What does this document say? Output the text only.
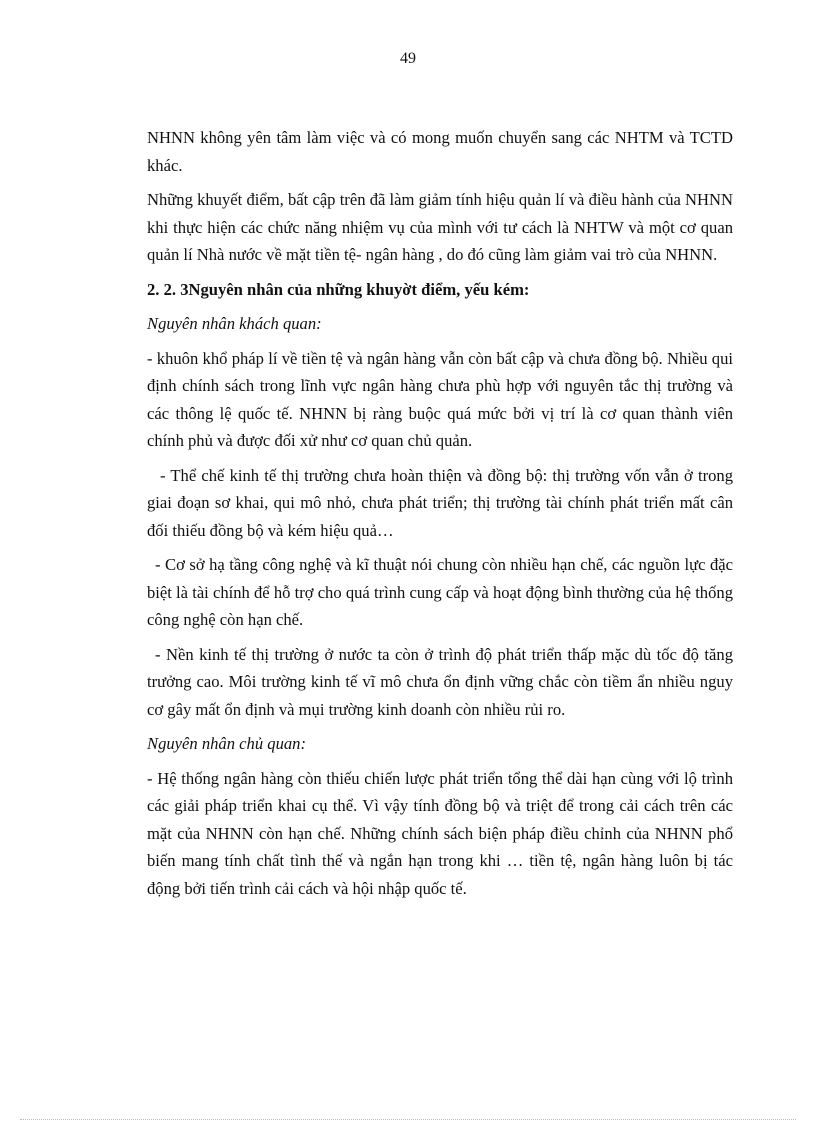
49

NHNN không yên tâm làm việc và có mong muốn chuyển sang các NHTM và TCTD khác.

Những khuyết điểm, bất cập trên đã làm giảm tính hiệu quản lí và điều hành của NHNN khi thực hiện các chức năng nhiệm vụ của mình với tư cách là NHTW và một cơ quan quản lí Nhà nước về mặt tiền tệ- ngân hàng , do đó cũng làm giảm vai trò của NHNN.

2. 2. 3Nguyên nhân của những khuyờt điểm, yếu kém:

Nguyên nhân khách quan:

- khuôn khổ pháp lí về tiền tệ và ngân hàng vẫn còn bất cập và chưa đồng bộ. Nhiều qui định chính sách trong lĩnh vực ngân hàng chưa phù hợp với nguyên tắc thị trường và các thông lệ quốc tế. NHNN bị ràng buộc quá mức bởi vị trí là cơ quan thành viên chính phủ và được đối xử như cơ quan chủ quản.

- Thể chế kinh tế thị trường chưa hoàn thiện và đồng bộ: thị trường vốn vẫn ở trong giai đoạn sơ khai, qui mô nhỏ, chưa phát triển; thị trường tài chính phát triển mất cân đối thiếu đồng bộ và kém hiệu quả…

- Cơ sở hạ tầng công nghệ và kĩ thuật nói chung còn nhiều hạn chế, các nguồn lực đặc biệt là tài chính để hỗ trợ cho quá trình cung cấp và hoạt động bình thường của hệ thống công nghệ còn hạn chế.

- Nền kinh tế thị trường ở nước ta còn ở trình độ phát triển thấp mặc dù tốc độ tăng trưởng cao. Môi trường kinh tế vĩ mô chưa ổn định vững chắc còn tiềm ẩn nhiều nguy cơ gây mất ổn định và mụi trường kinh doanh còn nhiều rủi ro.

Nguyên nhân chủ quan:

- Hệ thống ngân hàng còn thiếu chiến lược phát triển tổng thể dài hạn cùng với lộ trình các giải pháp triển khai cụ thể. Vì vậy tính đồng bộ và triệt để trong cải cách trên các mặt của NHNN còn hạn chế. Những chính sách biện pháp điều chỉnh của NHNN phổ biến mang tính chất tình thế và ngắn hạn trong khi … tiền tệ, ngân hàng luôn bị tác động bởi tiến trình cải cách và hội nhập quốc tế.
